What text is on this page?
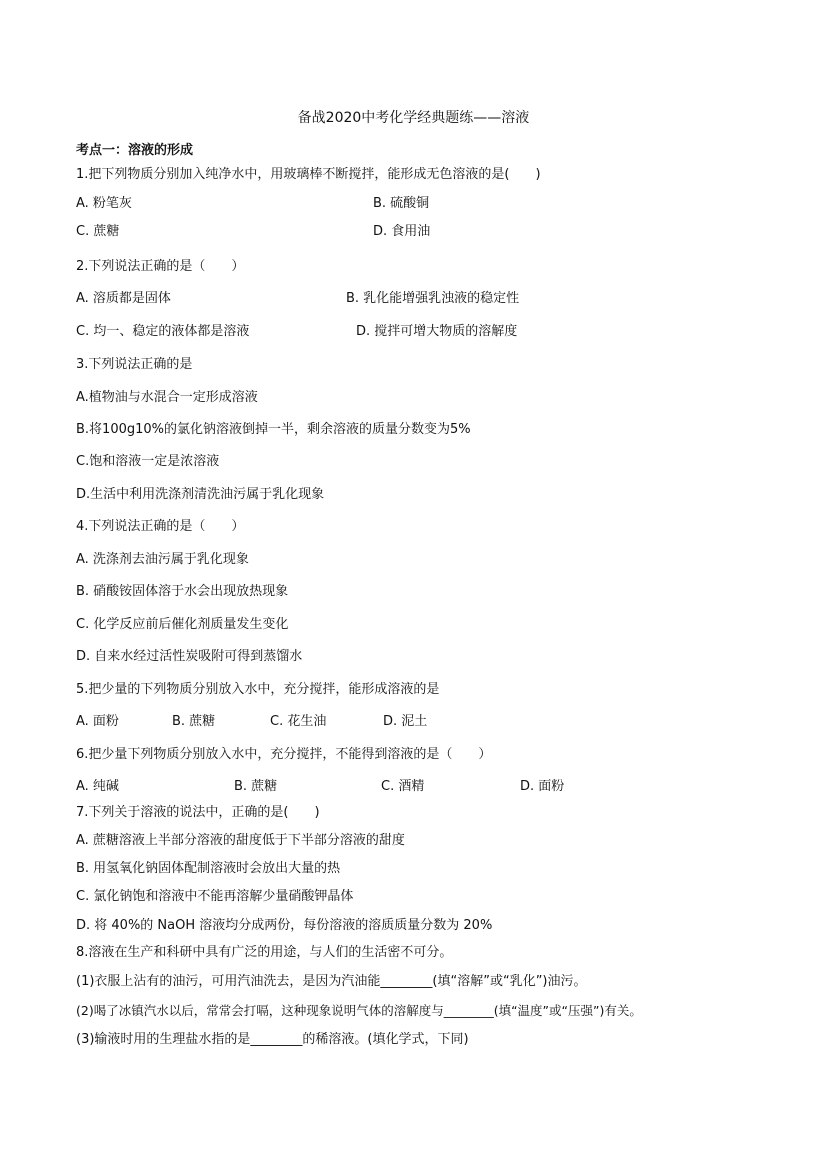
备战2020中考化学经典题练——溶液
考点一：溶液的形成
1.把下列物质分别加入纯净水中，用玻璃棒不断搅拌，能形成无色溶液的是(　　)
A. 粉笔灰	B. 硫酸铜
C. 蔗糖	D. 食用油
2.下列说法正确的是（　　）
A. 溶质都是固体	B. 乳化能增强乳浊液的稳定性
C. 均一、稳定的液体都是溶液	D. 搅拌可增大物质的溶解度
3.下列说法正确的是
A.植物油与水混合一定形成溶液
B.将100g10%的氯化钠溶液倒掉一半，剩余溶液的质量分数变为5%
C.饱和溶液一定是浓溶液
D.生活中利用洗涤剂清洗油污属于乳化现象
4.下列说法正确的是（　　）
A. 洗涤剂去油污属于乳化现象
B. 硝酸铵固体溶于水会出现放热现象
C. 化学反应前后催化剂质量发生变化
D. 自来水经过活性炭吸附可得到蒸馏水
5.把少量的下列物质分别放入水中，充分搅拌，能形成溶液的是
A. 面粉	B. 蔗糖	C. 花生油	D. 泥土
6.把少量下列物质分别放入水中，充分搅拌，不能得到溶液的是（　　）
A. 纯碱	B. 蔗糖	C. 酒精	D. 面粉
7.下列关于溶液的说法中，正确的是(　　)
A. 蔗糖溶液上半部分溶液的甜度低于下半部分溶液的甜度
B. 用氢氧化钠固体配制溶液时会放出大量的热
C. 氯化钠饱和溶液中不能再溶解少量硝酸钾晶体
D. 将 40%的 NaOH 溶液均分成两份，每份溶液的溶质质量分数为 20%
8.溶液在生产和科研中具有广泛的用途，与人们的生活密不可分。
(1)衣服上沾有的油污，可用汽油洗去，是因为汽油能________(填“溶解”或“乳化”)油污。
(2)喝了冰镇汽水以后，常常会打嗝，这种现象说明气体的溶解度与________(填“温度”或“压强”)有关。
(3)输液时用的生理盐水指的是________的稀溶液。(填化学式，下同)
